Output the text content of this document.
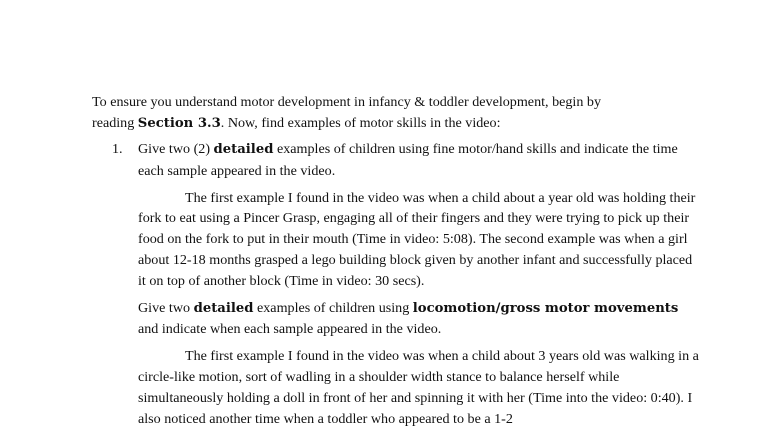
To ensure you understand motor development in infancy & toddler development, begin by
reading Section 3.3. Now, find examples of motor skills in the video:
1.	Give two (2) detailed examples of children using fine motor/hand skills and indicate the time each sample appeared in the video.

The first example I found in the video was when a child about a year old was holding their fork to eat using a Pincer Grasp, engaging all of their fingers and they were trying to pick up their food on the fork to put in their mouth (Time in video: 5:08). The second example was when a girl about 12-18 months grasped a lego building block given by another infant and successfully placed it on top of another block (Time in video: 30 secs).

Give two detailed examples of children using locomotion/gross motor movements and indicate when each sample appeared in the video.

The first example I found in the video was when a child about 3 years old was walking in a circle-like motion, sort of wadling in a shoulder width stance to balance herself while simultaneously holding a doll in front of her and spinning it with her (Time into the video: 0:40). I also noticed another time when a toddler who appeared to be a 1-2
